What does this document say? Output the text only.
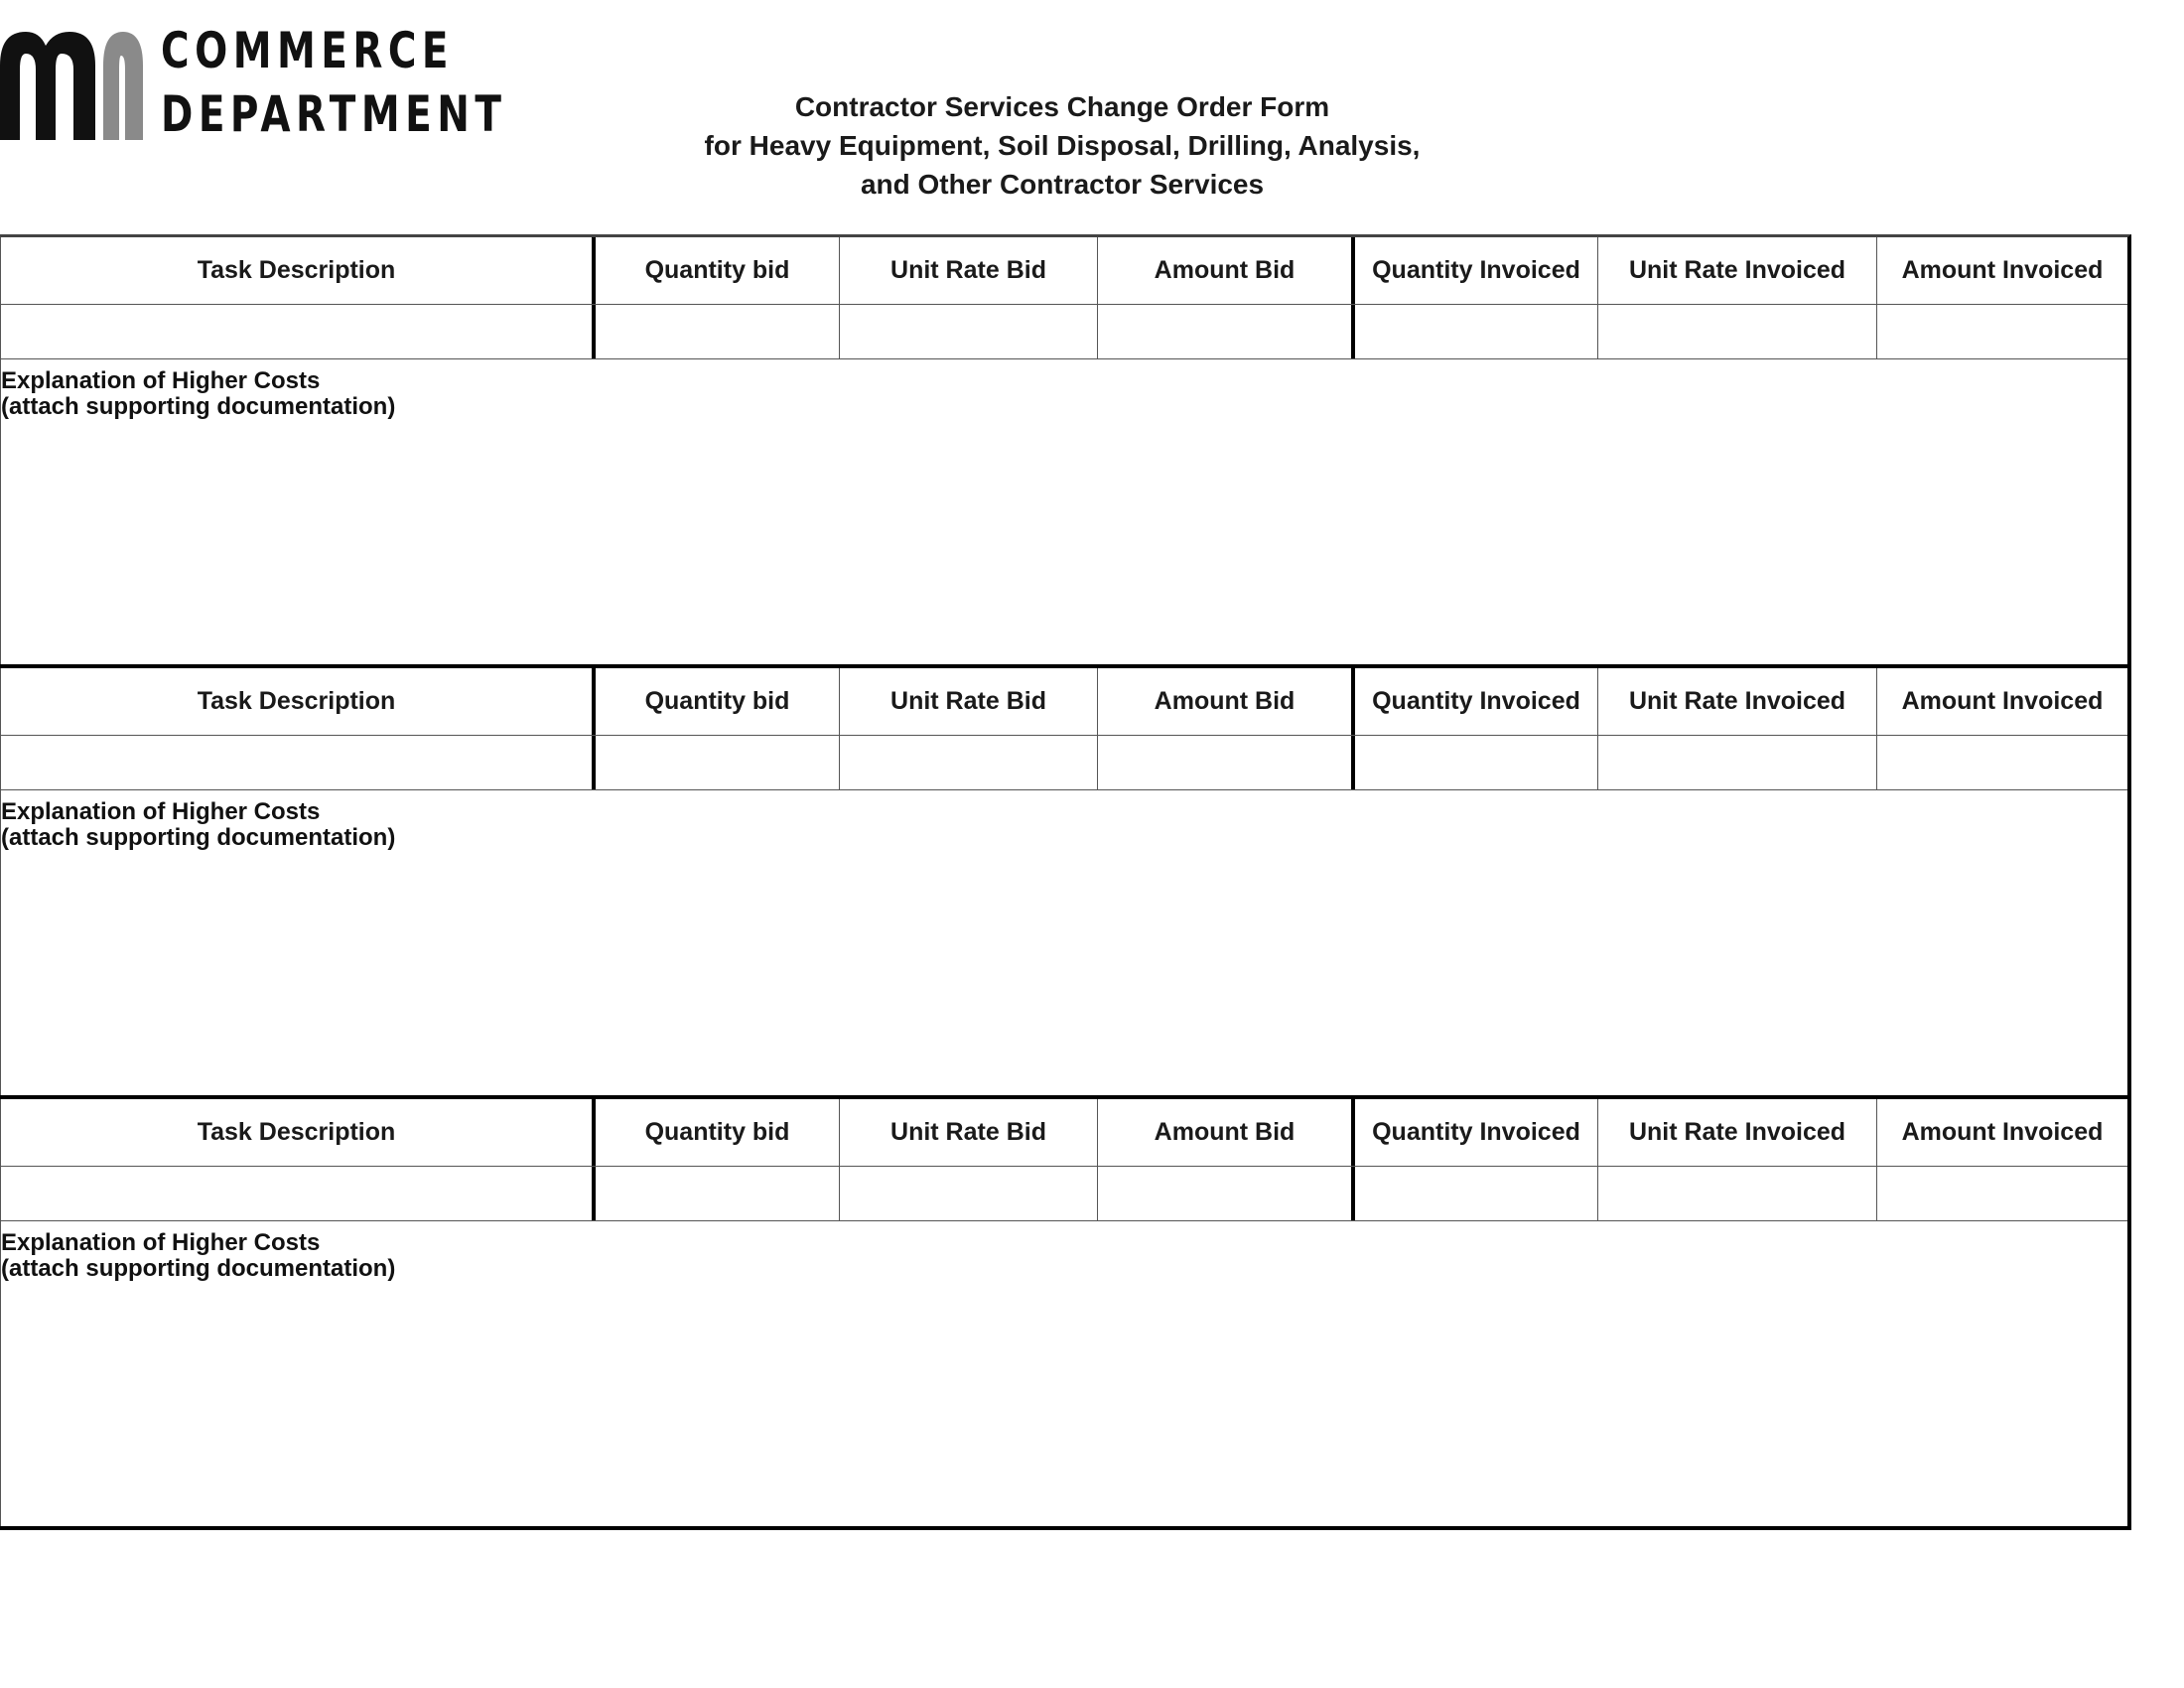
COMMERCE
DEPARTMENT	Contractor Services Change Order Form
for Heavy Equipment, Soil Disposal, Drilling, Analysis,
and Other Contractor Services
Task Description	Quantity bid	Unit Rate Bid	Amount Bid	Quantity Invoiced	Unit Rate Invoiced	Amount Invoiced
Explanation of Higher Costs
(attach supporting documentation)
Task Description	Quantity bid	Unit Rate Bid	Amount Bid	Quantity Invoiced	Unit Rate Invoiced	Amount Invoiced
Explanation of Higher Costs
(attach supporting documentation)
Task Description	Quantity bid	Unit Rate Bid	Amount Bid	Quantity Invoiced	Unit Rate Invoiced	Amount Invoiced
Explanation of Higher Costs
(attach supporting documentation)
